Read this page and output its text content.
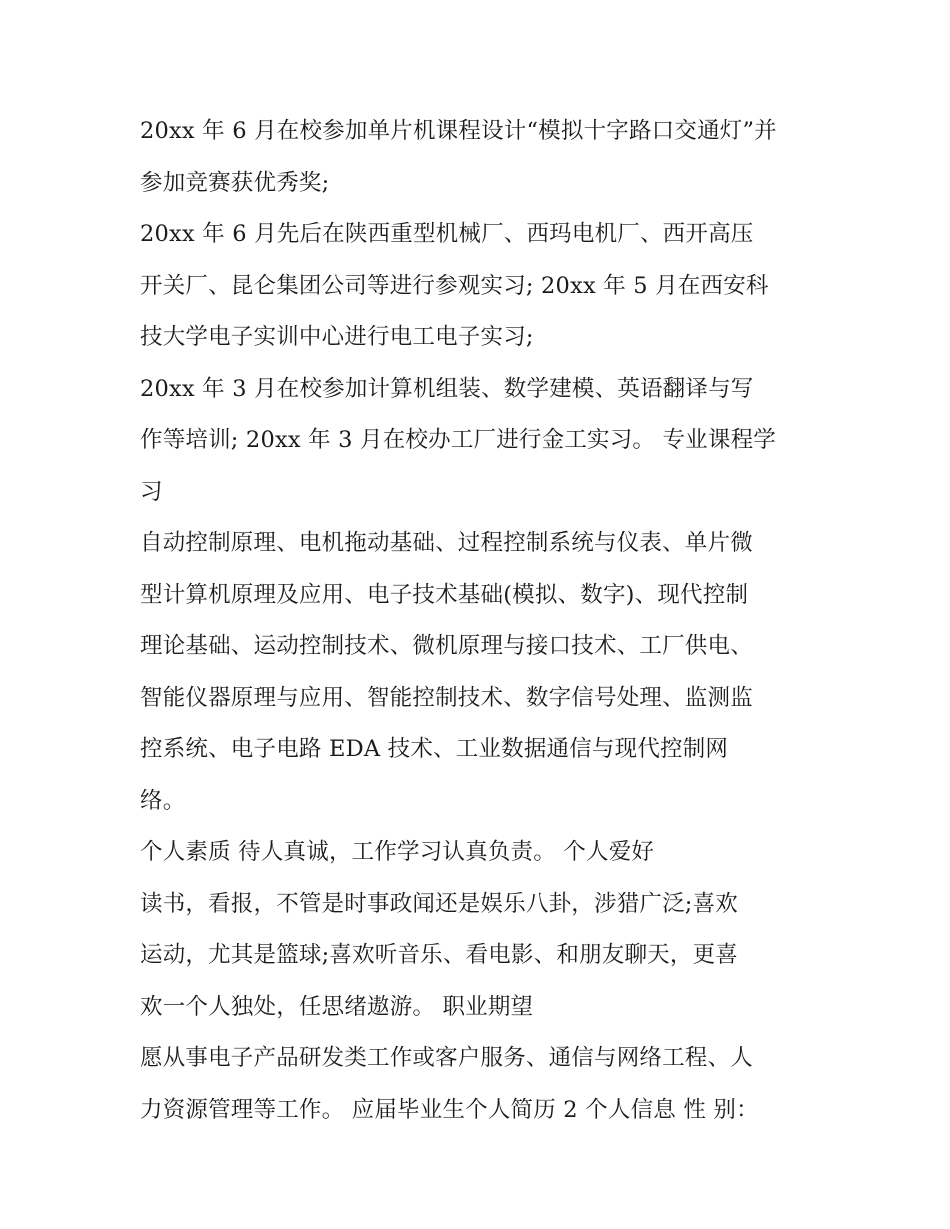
20xx 年 6 月在校参加单片机课程设计“模拟十字路口交通灯”并
参加竞赛获优秀奖;
20xx 年 6 月先后在陕西重型机械厂、西玛电机厂、西开高压
开关厂、昆仑集团公司等进行参观实习; 20xx 年 5 月在西安科
技大学电子实训中心进行电工电子实习;
20xx 年 3 月在校参加计算机组装、数学建模、英语翻译与写
作等培训; 20xx 年 3 月在校办工厂进行金工实习。 专业课程学
习
自动控制原理、电机拖动基础、过程控制系统与仪表、单片微
型计算机原理及应用、电子技术基础(模拟、数字)、现代控制
理论基础、运动控制技术、微机原理与接口技术、工厂供电、
智能仪器原理与应用、智能控制技术、数字信号处理、监测监
控系统、电子电路 EDA 技术、工业数据通信与现代控制网
络。
个人素质 待人真诚，工作学习认真负责。 个人爱好
读书，看报，不管是时事政闻还是娱乐八卦，涉猎广泛;喜欢
运动，尤其是篮球;喜欢听音乐、看电影、和朋友聊天，更喜
欢一个人独处，任思绪遨游。 职业期望
愿从事电子产品研发类工作或客户服务、通信与网络工程、人
力资源管理等工作。 应届毕业生个人简历 2 个人信息 性 别：
